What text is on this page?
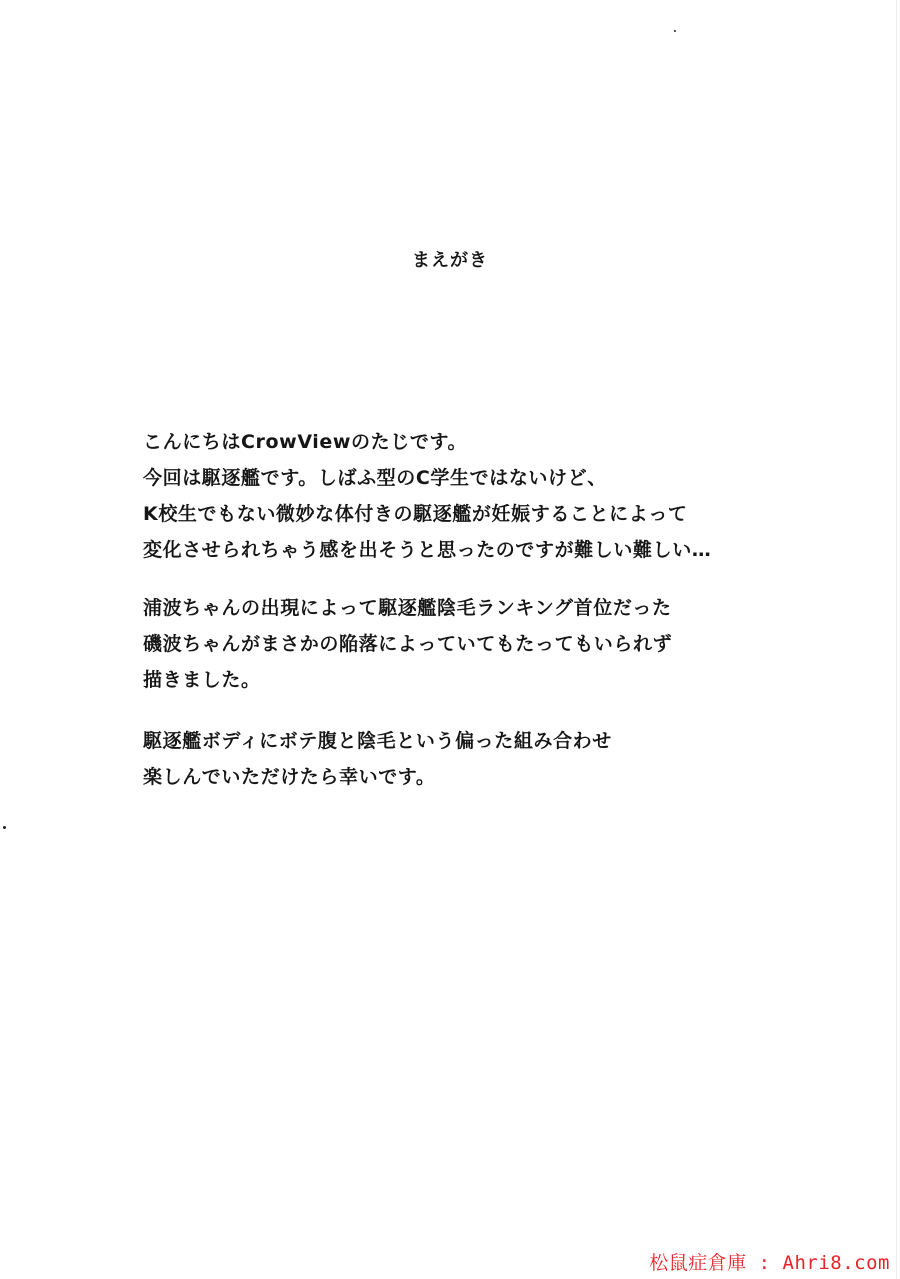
まえがき
こんにちはCrowViewのたじです。
今回は駆逐艦です。しばふ型のC学生ではないけど、
K校生でもない微妙な体付きの駆逐艦が妊娠することによって
変化させられちゃう感を出そうと思ったのですが難しい難しい…
浦波ちゃんの出現によって駆逐艦陰毛ランキング首位だった
磯波ちゃんがまさかの陥落によっていてもたってもいられず
描きました。
駆逐艦ボディにボテ腹と陰毛という偏った組み合わせ
楽しんでいただけたら幸いです。
松鼠症倉庫 : Ahri8.com
